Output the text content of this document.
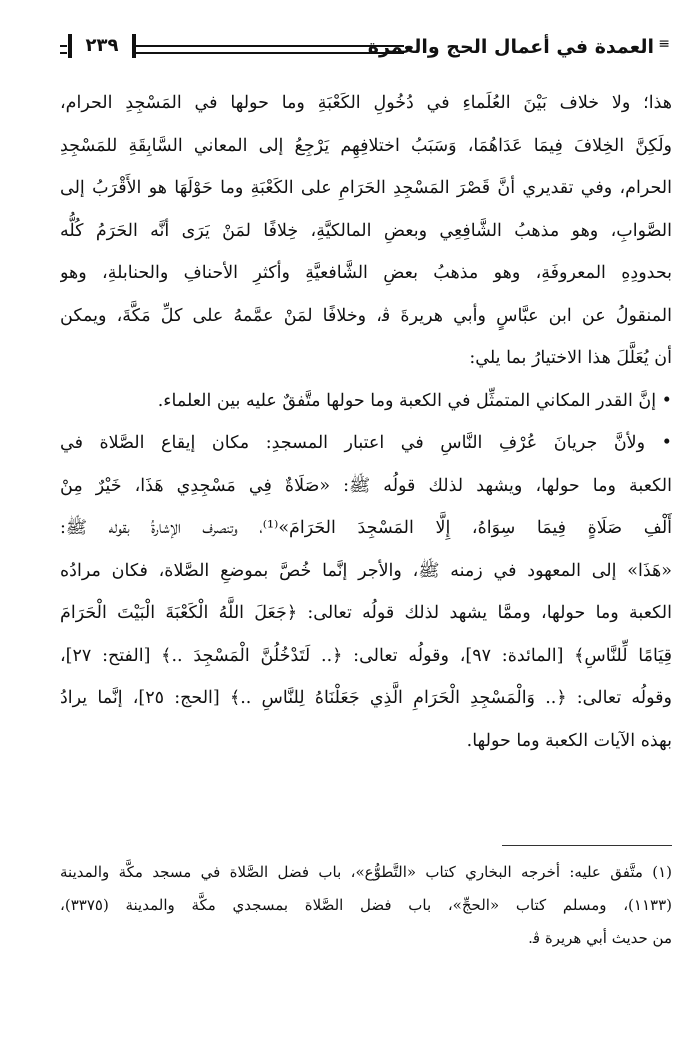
≡
العمدة في أعمال الحج والعمرة
٢٣٩
هذا؛ ولا خلاف بَيْنَ العُلَماءِ في دُخُولِ الكَعْبَةِ وما حولها في المَسْجِدِ الحرام،
ولَكِنَّ الخِلافَ فِيمَا عَدَاهُمَا، وَسَبَبُ اختلافِهِم يَرْجِعُ إلى المعاني السَّابِقَةِ للمَسْجِدِ
الحرام، وفي تقديري أنَّ قَصْرَ المَسْجِدِ الحَرَامِ على الكَعْبَةِ وما حَوْلَهَا هو الأَقْرَبُ إلى
الصَّوابِ، وهو مذهبُ الشَّافِعِي وبعضِ المالكيَّةِ، خِلافًا لمَنْ يَرَى أنَّه الحَرَمُ كُلُّه
بحدودِهِ المعروفَةِ، وهو مذهبُ بعضِ الشَّافعيَّةِ وأكثرِ الأحنافِ والحنابلةِ، وهو
المنقولُ عن ابن عبَّاسٍ وأبي هريرةَ ﭬ، وخلافًا لمَنْ عمَّمهُ على كلِّ مَكَّةَ، ويمكن
أن يُعَلَّلَ هذا الاختيارُ بما يلي:
• إنَّ القدر المكاني المتمثِّل في الكعبة وما حولها متَّفقٌ عليه بين العلماء.
• ولأنَّ جريانَ عُرْفِ النَّاسِ في اعتبار المسجدِ: مكان إيقاع الصَّلاة في
الكعبة وما حولها، ويشهد لذلك قولُه ﷺ: «صَلَاةٌ فِي مَسْجِدِي هَذَا، خَيْرٌ مِنْ
أَلْفِ صَلَاةٍ فِيمَا سِوَاهُ، إِلَّا المَسْجِدَ الحَرَامَ»⁽¹⁾، وتنصرف الإشارةُ بقوله ﷺ:
«هَذَا» إلى المعهود في زمنه ﷺ، والأجر إنَّما خُصَّ بموضعِ الصَّلاة، فكان مرادُه
الكعبة وما حولها، وممَّا يشهد لذلك قولُه تعالى: ﴿جَعَلَ اللَّهُ الْكَعْبَةَ الْبَيْتَ الْحَرَامَ
قِيَامًا لِّلنَّاسِ﴾ [المائدة: ٩٧]، وقولُه تعالى: ﴿.. لَتَدْخُلُنَّ الْمَسْجِدَ ..﴾ [الفتح: ٢٧]،
وقولُه تعالى: ﴿.. وَالْمَسْجِدِ الْحَرَامِ الَّذِي جَعَلْنَاهُ لِلنَّاسِ ..﴾ [الحج: ٢٥]، إنَّما يرادُ
بهذه الآيات الكعبة وما حولها.
(١) متَّفق عليه: أخرجه البخاري كتاب «التَّطوُّع»، باب فضل الصَّلاة في مسجد مكَّة والمدينة
(١١٣٣)، ومسلم كتاب «الحجِّ»، باب فضل الصَّلاة بمسجدي مكَّة والمدينة (٣٣٧٥)،
من حديث أبي هريرة ﭬ.
